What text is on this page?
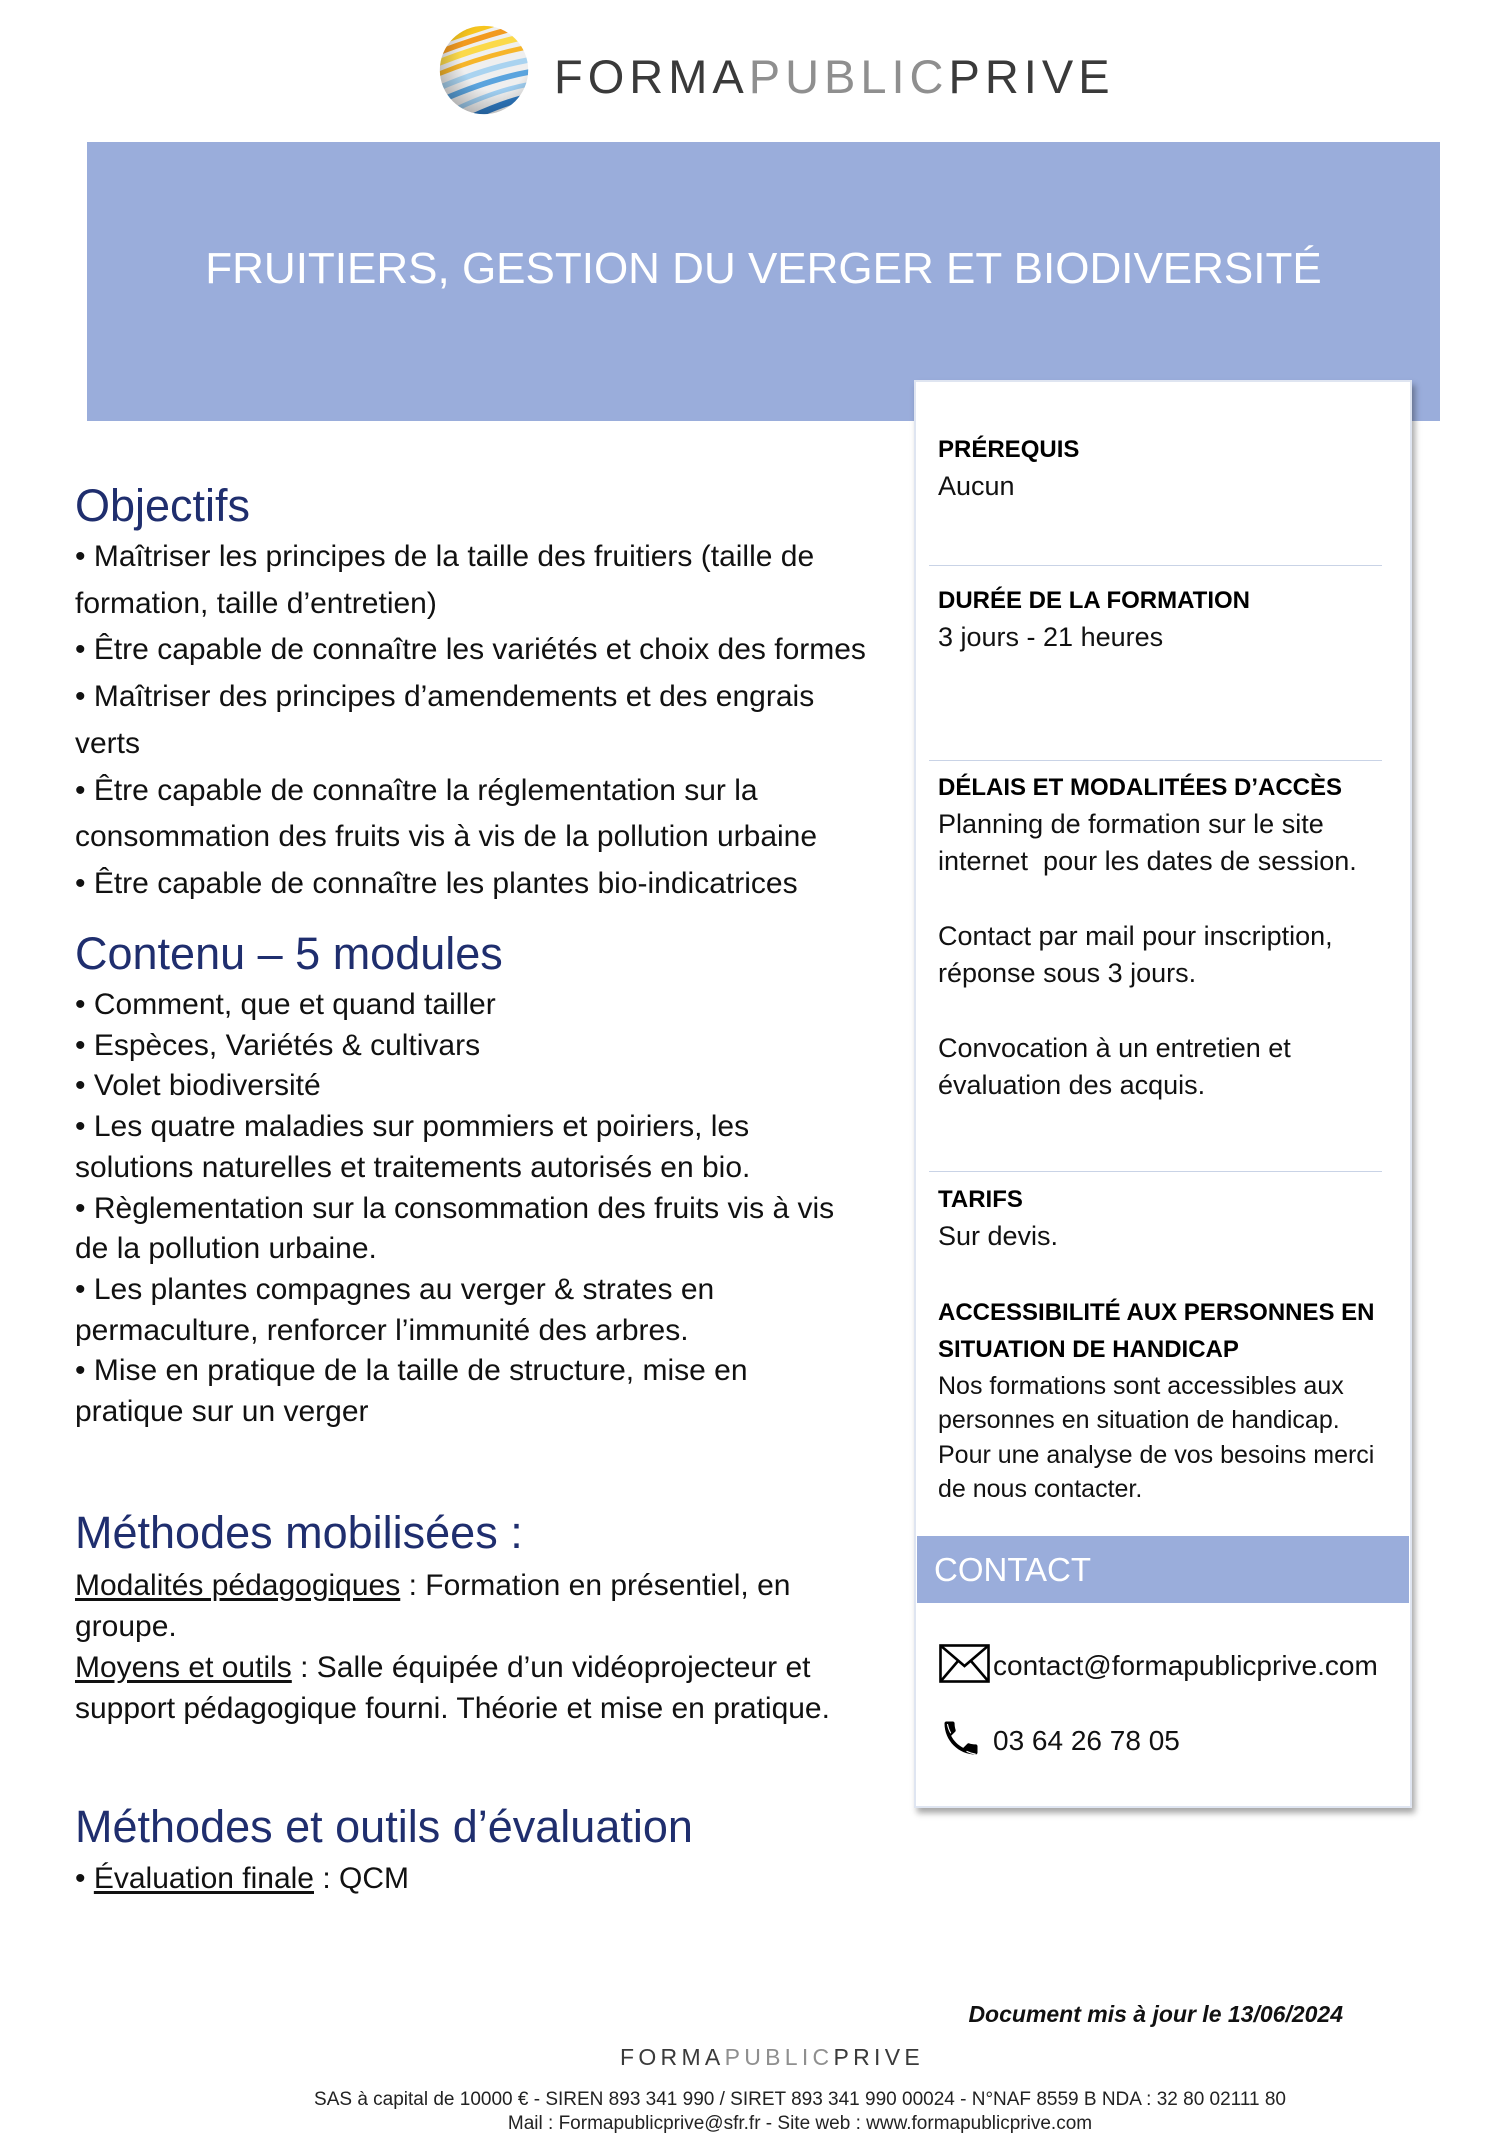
FORMAPUBLICPRIVE
FRUITIERS, GESTION DU VERGER ET BIODIVERSITÉ
Objectifs
• Maîtriser les principes de la taille des fruitiers (taille de
formation, taille d’entretien)
• Être capable de connaître les variétés et choix des formes
• Maîtriser des principes d’amendements et des engrais
verts
• Être capable de connaître la réglementation sur la
consommation des fruits vis à vis de la pollution urbaine
• Être capable de connaître les plantes bio-indicatrices
Contenu – 5 modules
• Comment, que et quand tailler
• Espèces, Variétés & cultivars
• Volet biodiversité
• Les quatre maladies sur pommiers et poiriers, les
solutions naturelles et traitements autorisés en bio.
• Règlementation sur la consommation des fruits vis à vis
de la pollution urbaine.
• Les plantes compagnes au verger & strates en
permaculture, renforcer l’immunité des arbres.
• Mise en pratique de la taille de structure, mise en
pratique sur un verger
Méthodes mobilisées :
Modalités pédagogiques : Formation en présentiel, en
groupe.
Moyens et outils : Salle équipée d’un vidéoprojecteur et
support pédagogique fourni. Théorie et mise en pratique.
Méthodes et outils d’évaluation
• Évaluation finale : QCM
PRÉREQUIS
Aucun
DURÉE DE LA FORMATION
3 jours - 21 heures
DÉLAIS ET MODALITÉES D’ACCÈS
Planning de formation sur le site
internet  pour les dates de session.
Contact par mail pour inscription,
réponse sous 3 jours.
Convocation à un entretien et
évaluation des acquis.
TARIFS
Sur devis.
ACCESSIBILITÉ AUX PERSONNES EN
SITUATION DE HANDICAP
Nos formations sont accessibles aux
personnes en situation de handicap.
Pour une analyse de vos besoins merci
de nous contacter.
CONTACT
contact@formapublicprive.com
03 64 26 78 05
Document mis à jour le 13/06/2024
FORMAPUBLICPRIVE
SAS à capital de 10000 € - SIREN 893 341 990 / SIRET 893 341 990 00024 - N°NAF 8559 B NDA : 32 80 02111 80
Mail : Formapublicprive@sfr.fr - Site web : www.formapublicprive.com
